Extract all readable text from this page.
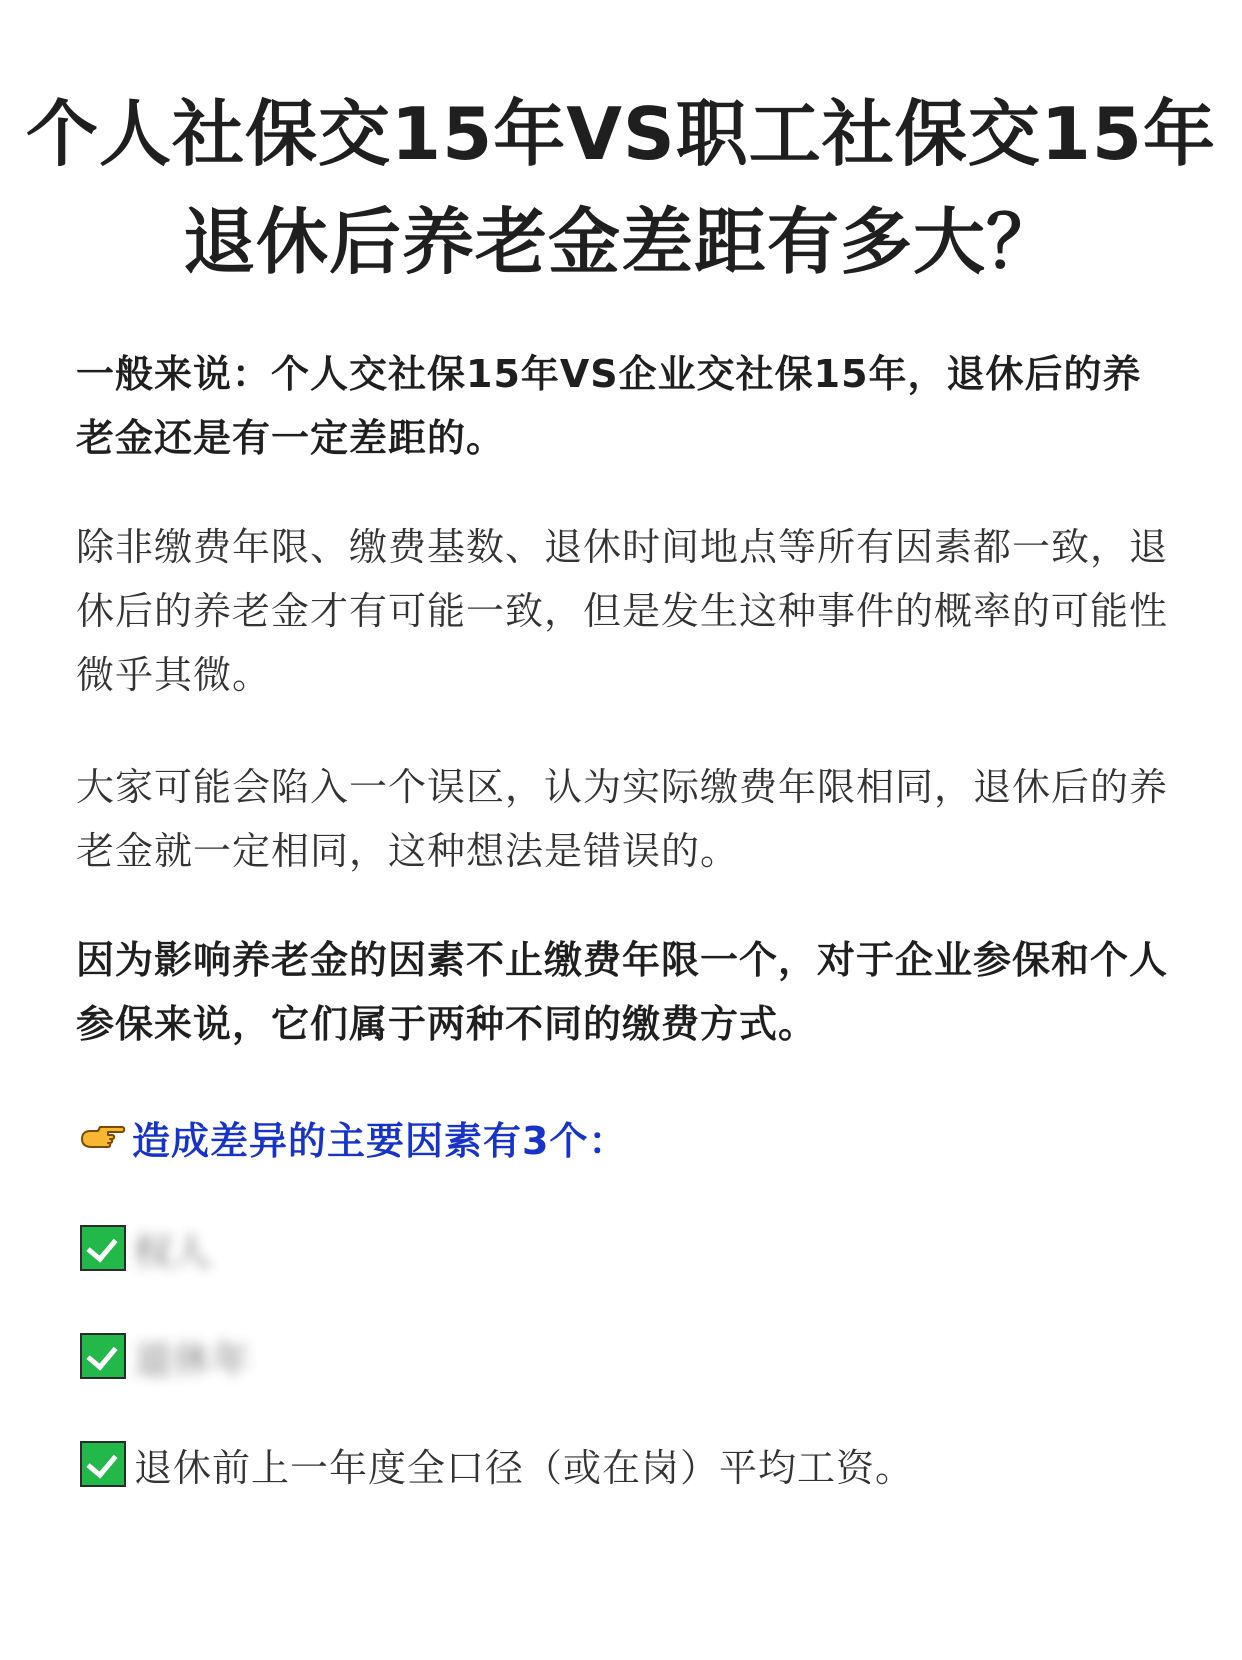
个人社保交15年VS职工社保交15年
退休后养老金差距有多大？
一般来说：个人交社保15年VS企业交社保15年，退休后的养老金还是有一定差距的。
除非缴费年限、缴费基数、退休时间地点等所有因素都一致，退休后的养老金才有可能一致，但是发生这种事件的概率的可能性微乎其微。
大家可能会陷入一个误区，认为实际缴费年限相同，退休后的养老金就一定相同，这种想法是错误的。
因为影响养老金的因素不止缴费年限一个，对于企业参保和个人参保来说，它们属于两种不同的缴费方式。
造成差异的主要因素有3个：
权人
退休年
退休前上一年度全口径（或在岗）平均工资。
